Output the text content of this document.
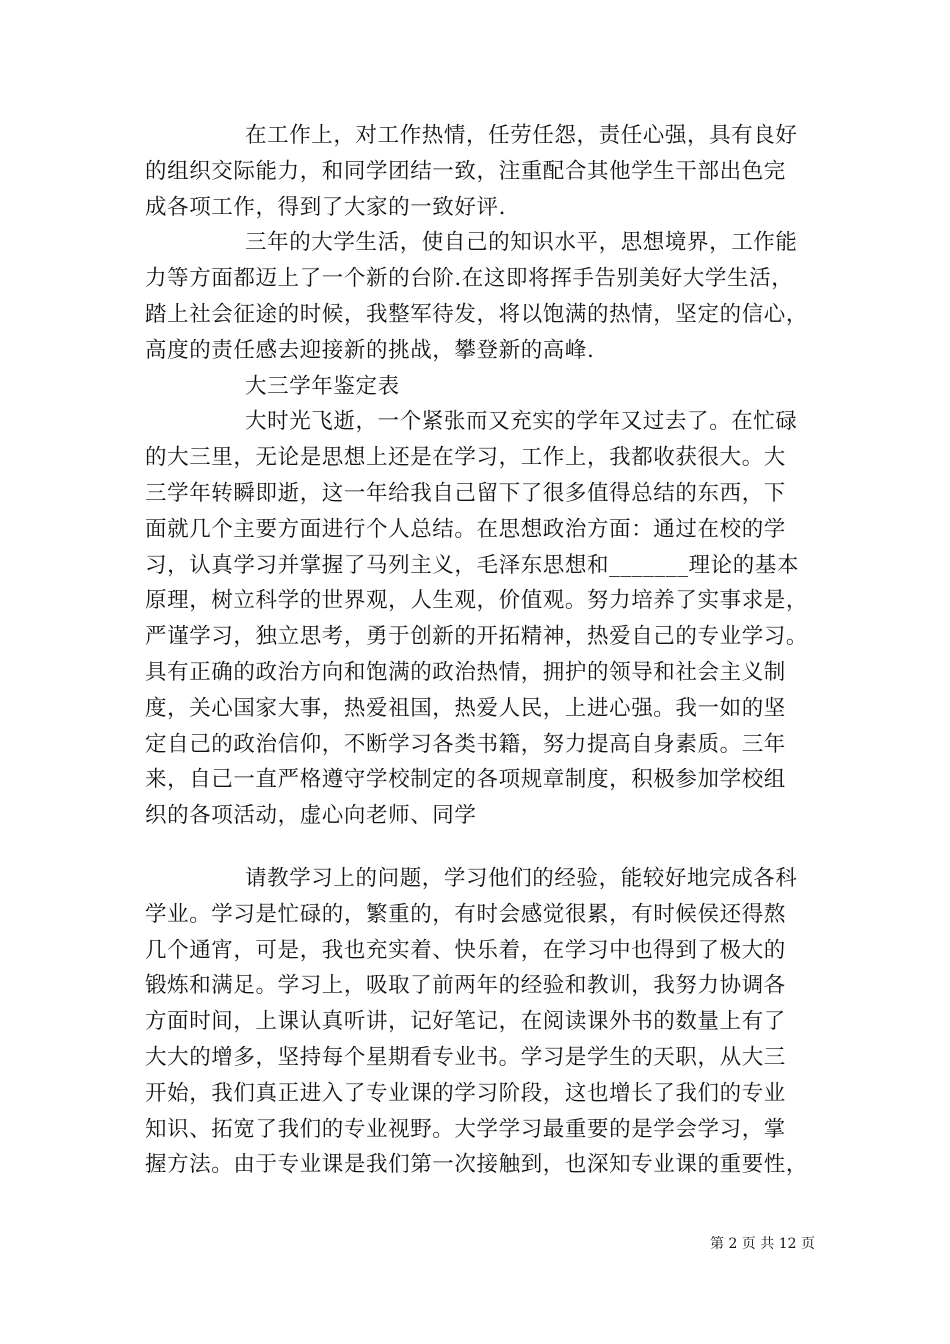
在工作上，对工作热情，任劳任怨，责任心强，具有良好
的组织交际能力，和同学团结一致，注重配合其他学生干部出色完
成各项工作，得到了大家的一致好评.
三年的大学生活，使自己的知识水平，思想境界，工作能
力等方面都迈上了一个新的台阶.在这即将挥手告别美好大学生活，
踏上社会征途的时候，我整军待发，将以饱满的热情，坚定的信心，
高度的责任感去迎接新的挑战，攀登新的高峰.
大三学年鉴定表
大时光飞逝，一个紧张而又充实的学年又过去了。在忙碌
的大三里，无论是思想上还是在学习，工作上，我都收获很大。大
三学年转瞬即逝，这一年给我自己留下了很多值得总结的东西，下
面就几个主要方面进行个人总结。在思想政治方面：通过在校的学
习，认真学习并掌握了马列主义，毛泽东思想和_______理论的基本
原理，树立科学的世界观，人生观，价值观。努力培养了实事求是，
严谨学习，独立思考，勇于创新的开拓精神，热爱自己的专业学习。
具有正确的政治方向和饱满的政治热情，拥护的领导和社会主义制
度，关心国家大事，热爱祖国，热爱人民，上进心强。我一如的坚
定自己的政治信仰，不断学习各类书籍，努力提高自身素质。三年
来，自己一直严格遵守学校制定的各项规章制度，积极参加学校组
织的各项活动，虚心向老师、同学
请教学习上的问题，学习他们的经验，能较好地完成各科
学业。学习是忙碌的，繁重的，有时会感觉很累，有时候侯还得熬
几个通宵，可是，我也充实着、快乐着，在学习中也得到了极大的
锻炼和满足。学习上，吸取了前两年的经验和教训，我努力协调各
方面时间，上课认真听讲，记好笔记，在阅读课外书的数量上有了
大大的增多，坚持每个星期看专业书。学习是学生的天职，从大三
开始，我们真正进入了专业课的学习阶段，这也增长了我们的专业
知识、拓宽了我们的专业视野。大学学习最重要的是学会学习，掌
握方法。由于专业课是我们第一次接触到，也深知专业课的重要性，
第 2 页 共 12 页
